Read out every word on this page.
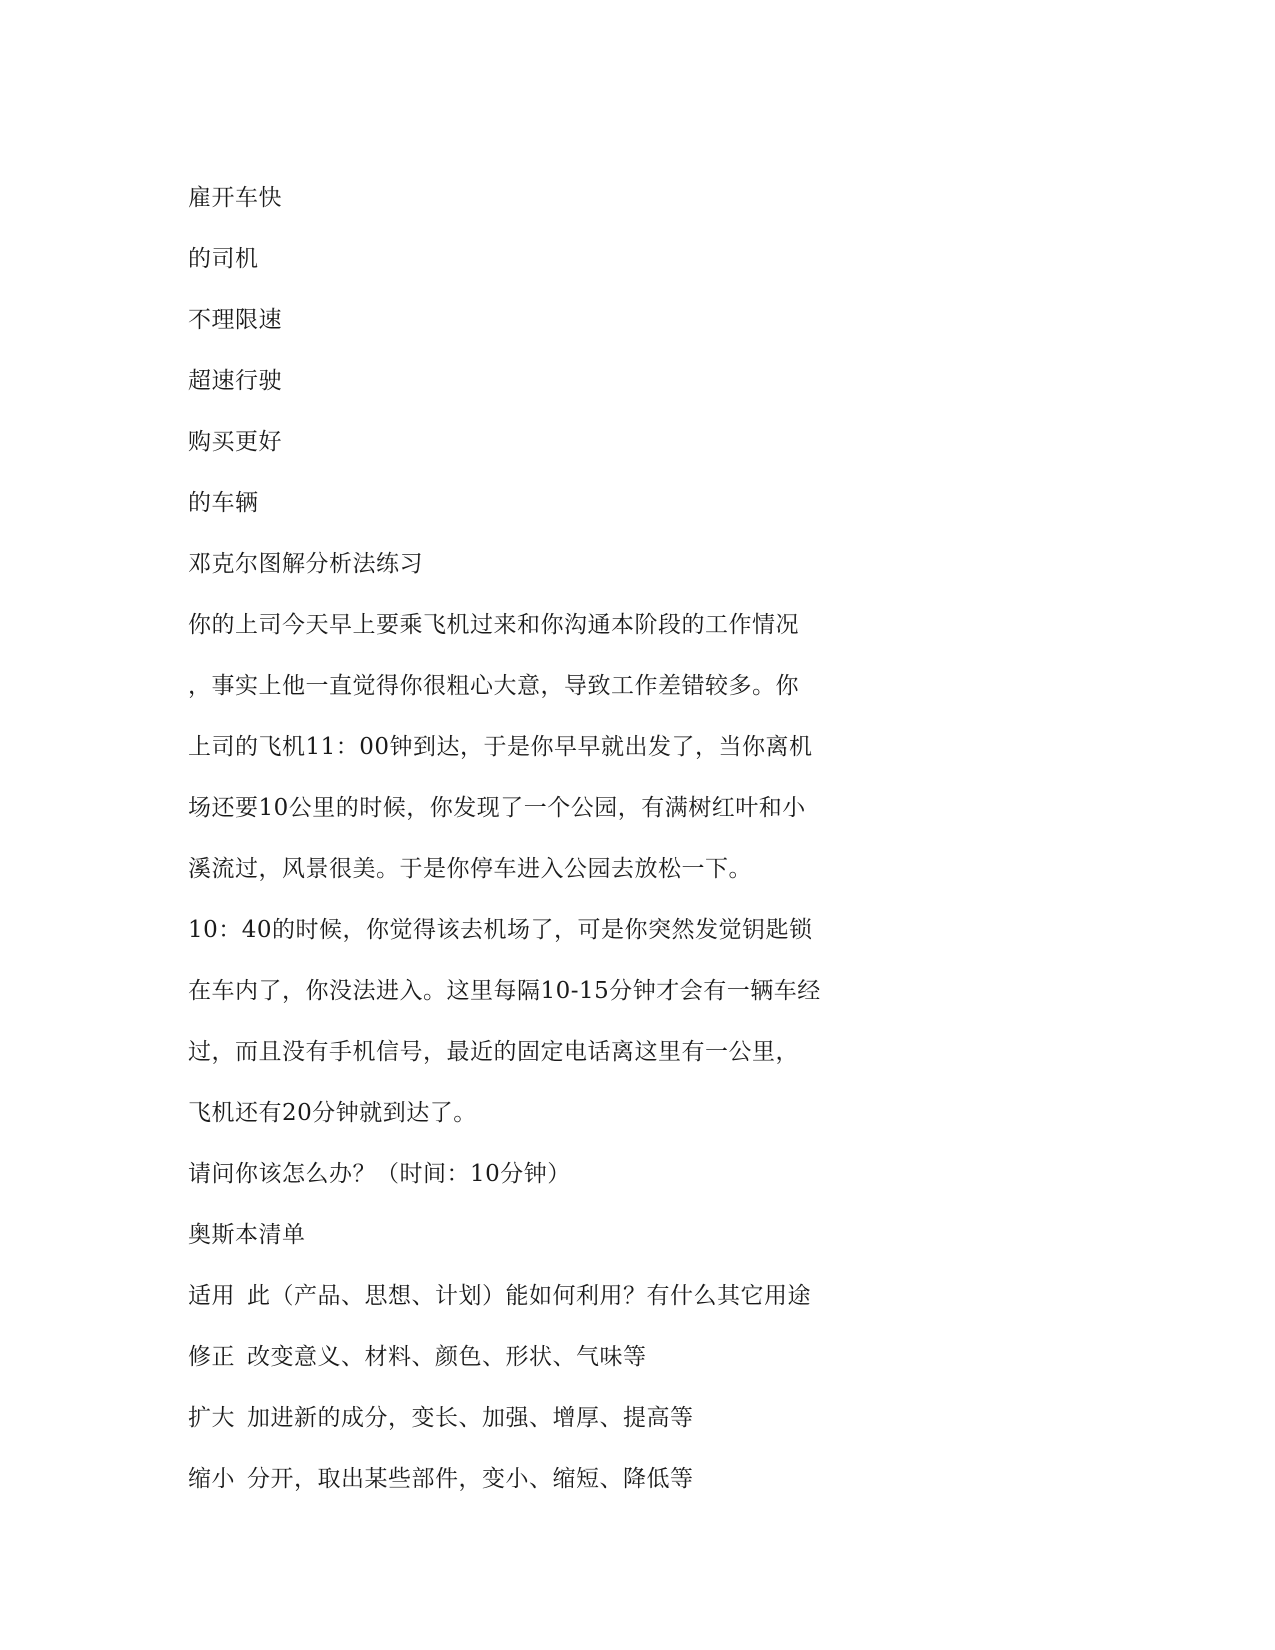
雇开车快
的司机
不理限速
超速行驶
购买更好
的车辆
邓克尔图解分析法练习
你的上司今天早上要乘飞机过来和你沟通本阶段的工作情况
，事实上他一直觉得你很粗心大意，导致工作差错较多。你
上司的飞机11：00钟到达，于是你早早就出发了，当你离机
场还要10公里的时候，你发现了一个公园，有满树红叶和小
溪流过，风景很美。于是你停车进入公园去放松一下。
10：40的时候，你觉得该去机场了，可是你突然发觉钥匙锁
在车内了，你没法进入。这里每隔10-15分钟才会有一辆车经
过，而且没有手机信号，最近的固定电话离这里有一公里，
飞机还有20分钟就到达了。
请问你该怎么办？（时间：10分钟）
奥斯本清单
适用 此（产品、思想、计划）能如何利用？有什么其它用途
修正 改变意义、材料、颜色、形状、气味等
扩大 加进新的成分，变长、加强、增厚、提高等
缩小 分开，取出某些部件，变小、缩短、降低等
